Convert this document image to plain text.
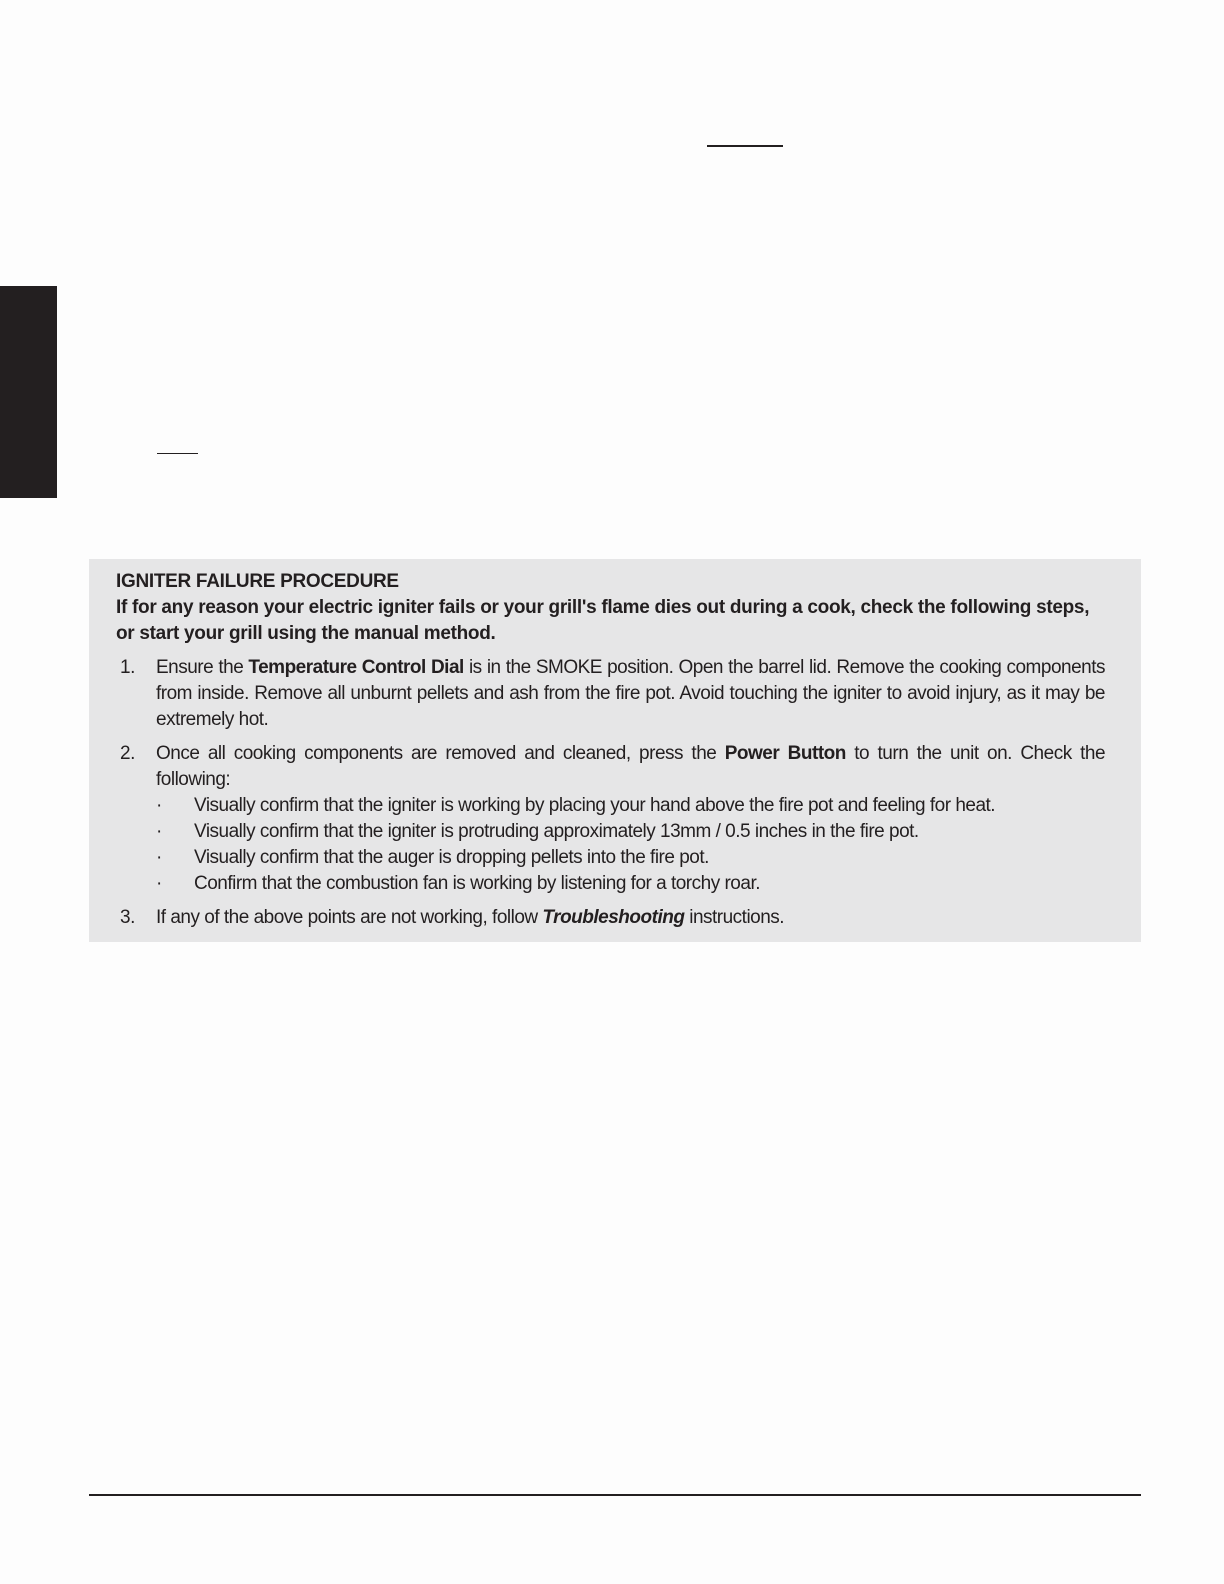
IGNITER FAILURE PROCEDURE
If for any reason your electric igniter fails or your grill's flame dies out during a cook, check the following steps, or start your grill using the manual method.
1. Ensure the Temperature Control Dial is in the SMOKE position. Open the barrel lid. Remove the cooking components from inside. Remove all unburnt pellets and ash from the fire pot. Avoid touching the igniter to avoid injury, as it may be extremely hot.
2. Once all cooking components are removed and cleaned, press the Power Button to turn the unit on. Check the following:
· Visually confirm that the igniter is working by placing your hand above the fire pot and feeling for heat.
· Visually confirm that the igniter is protruding approximately 13mm / 0.5 inches in the fire pot.
· Visually confirm that the auger is dropping pellets into the fire pot.
· Confirm that the combustion fan is working by listening for a torchy roar.
3. If any of the above points are not working, follow Troubleshooting instructions.
